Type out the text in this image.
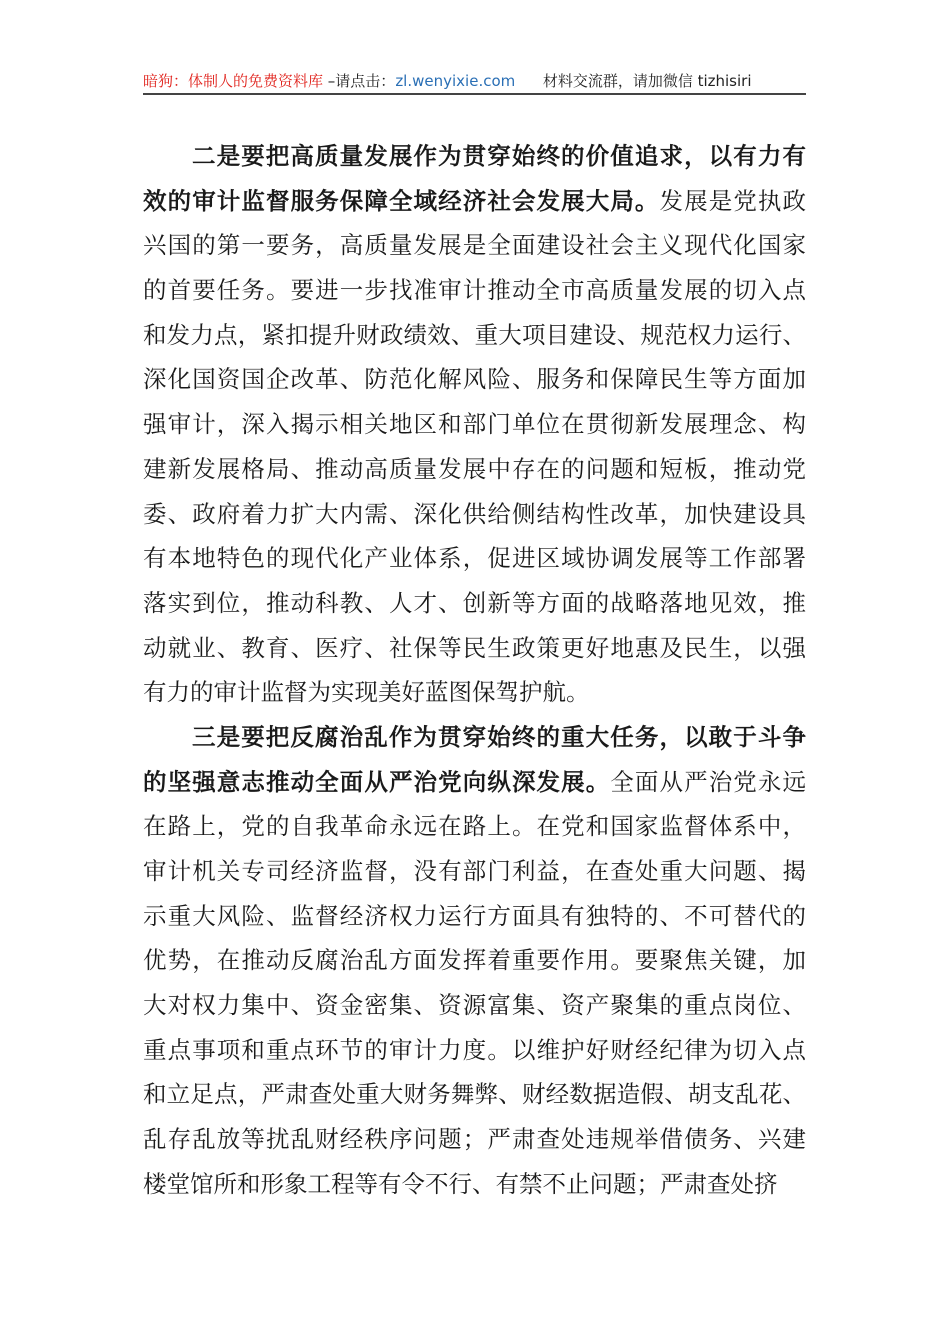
暗狗：体制人的免费资料库 –请点击：zl.wenyixie.com 材料交流群，请加微信 tizhisiri
二是要把高质量发展作为贯穿始终的价值追求，以有力有
效的审计监督服务保障全域经济社会发展大局。发展是党执政
兴国的第一要务，高质量发展是全面建设社会主义现代化国家
的首要任务。要进一步找准审计推动全市高质量发展的切入点
和发力点，紧扣提升财政绩效、重大项目建设、规范权力运行、
深化国资国企改革、防范化解风险、服务和保障民生等方面加
强审计，深入揭示相关地区和部门单位在贯彻新发展理念、构
建新发展格局、推动高质量发展中存在的问题和短板，推动党
委、政府着力扩大内需、深化供给侧结构性改革，加快建设具
有本地特色的现代化产业体系，促进区域协调发展等工作部署
落实到位，推动科教、人才、创新等方面的战略落地见效，推
动就业、教育、医疗、社保等民生政策更好地惠及民生，以强
有力的审计监督为实现美好蓝图保驾护航。
三是要把反腐治乱作为贯穿始终的重大任务，以敢于斗争
的坚强意志推动全面从严治党向纵深发展。全面从严治党永远
在路上，党的自我革命永远在路上。在党和国家监督体系中，
审计机关专司经济监督，没有部门利益，在查处重大问题、揭
示重大风险、监督经济权力运行方面具有独特的、不可替代的
优势，在推动反腐治乱方面发挥着重要作用。要聚焦关键，加
大对权力集中、资金密集、资源富集、资产聚集的重点岗位、
重点事项和重点环节的审计力度。以维护好财经纪律为切入点
和立足点，严肃查处重大财务舞弊、财经数据造假、胡支乱花、
乱存乱放等扰乱财经秩序问题；严肃查处违规举借债务、兴建
楼堂馆所和形象工程等有令不行、有禁不止问题；严肃查处挤
